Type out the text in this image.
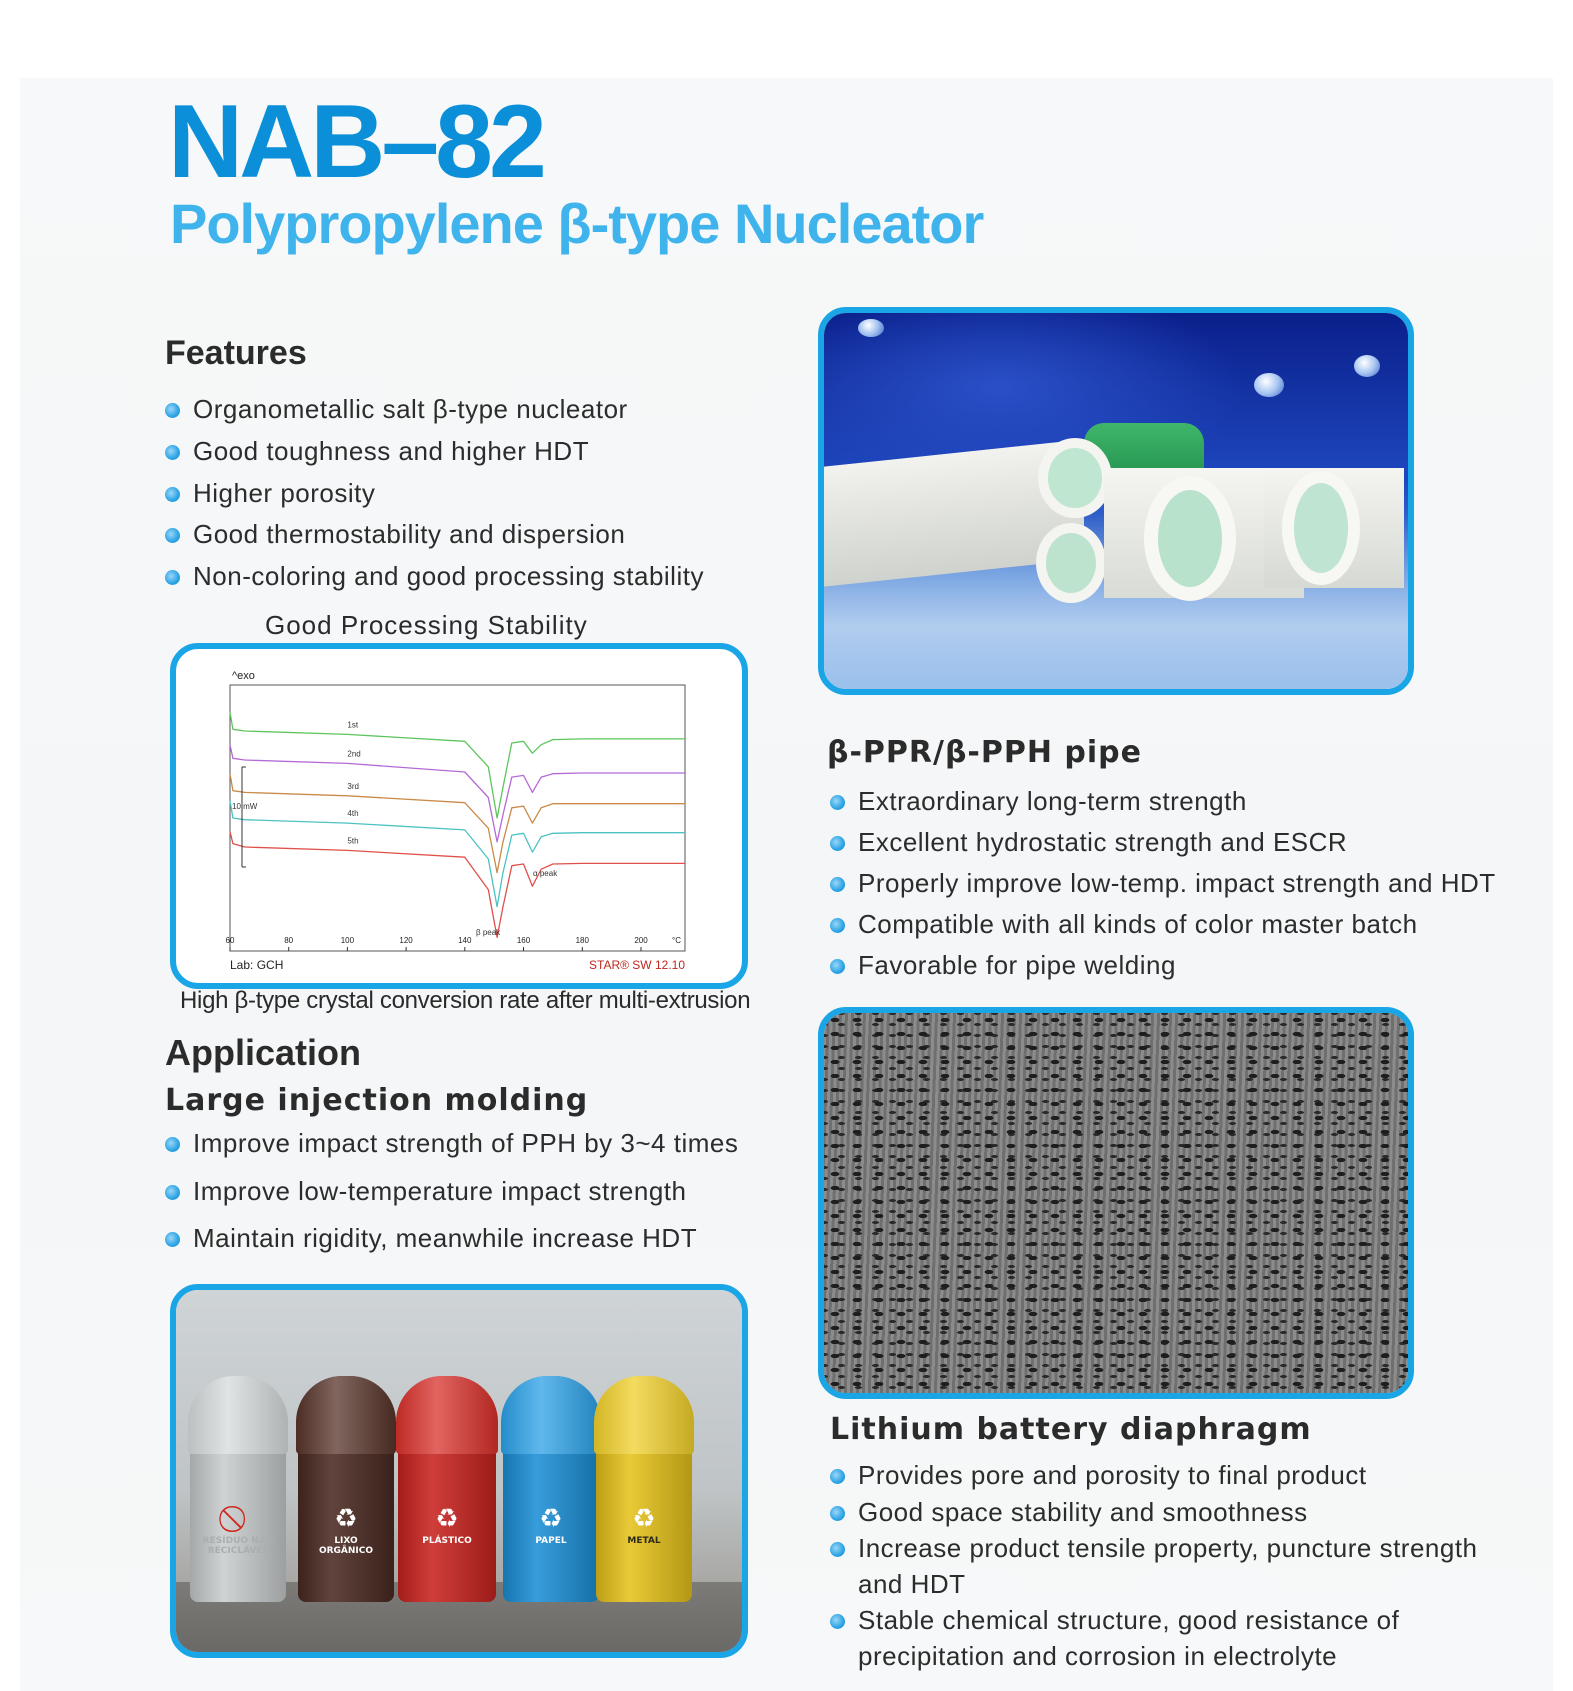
NAB–82
Polypropylene β-type Nucleator
Features
Organometallic salt β-type nucleator
Good toughness and higher HDT
Higher porosity
Good thermostability and dispersion
Non-coloring and good processing stability
Good Processing Stability
^exo
1st
2nd
3rd
4th
5th
60	80	100	120	140	160	180	200	°C
10 mW
α peak
β peak
Lab: GCH	STAR® SW 12.10
High β-type crystal conversion rate after multi-extrusion
Application
Large injection molding
Improve impact strength of PPH by 3~4 times
Improve low-temperature impact strength
Maintain rigidity, meanwhile increase HDT
RESÍDUO NÃO
RECICLÁVEL
♻
LIXO
ORGÂNICO
♻
PLÁSTICO
♻
PAPEL
♻
METAL
β-PPR/β-PPH pipe
Extraordinary long-term strength
Excellent hydrostatic strength and ESCR
Properly improve low-temp. impact strength and HDT
Compatible with all kinds of color master batch
Favorable for pipe welding
Lithium battery diaphragm
Provides pore and porosity to final product
Good space stability and smoothness
Increase product tensile property, puncture strength
and HDT
Stable chemical structure, good resistance of
precipitation and corrosion in electrolyte
